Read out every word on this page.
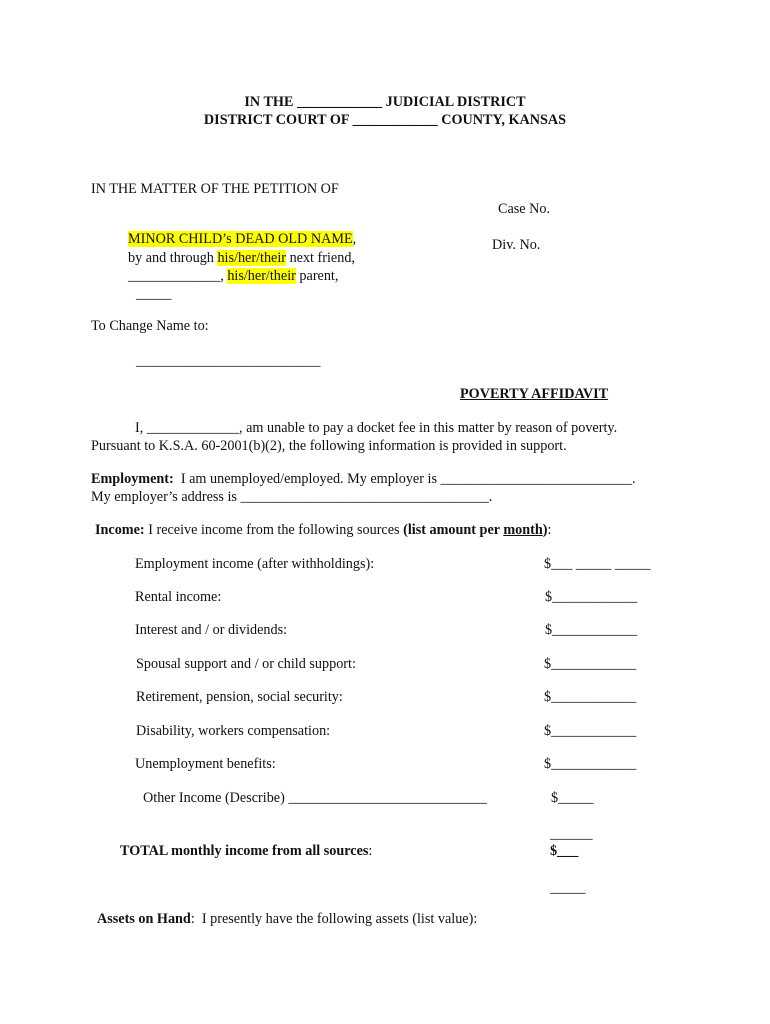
IN THE ____________ JUDICIAL DISTRICT
DISTRICT COURT OF ____________ COUNTY, KANSAS
IN THE MATTER OF THE PETITION OF
Case No.
Div. No.
MINOR CHILD’s DEAD OLD NAME,
by and through his/her/their next friend,
_____________, his/her/their parent,
_____
To Change Name to:
__________________________
POVERTY AFFIDAVIT
I, _____________, am unable to pay a docket fee in this matter by reason of poverty.
Pursuant to K.S.A. 60-2001(b)(2), the following information is provided in support.
Employment:  I am unemployed/employed. My employer is ___________________________.
My employer’s address is ___________________________________.
Income: I receive income from the following sources (list amount per month):
Employment income (after withholdings):	$___ _____ _____
Rental income:	$____________
Interest and / or dividends:	$____________
Spousal support and / or child support:	$____________
Retirement, pension, social security:	$____________
Disability, workers compensation:	$____________
Unemployment benefits:	$____________
Other Income (Describe) ____________________________	$_____
______
TOTAL monthly income from all sources:	$___
_____
Assets on Hand:  I presently have the following assets (list value):
